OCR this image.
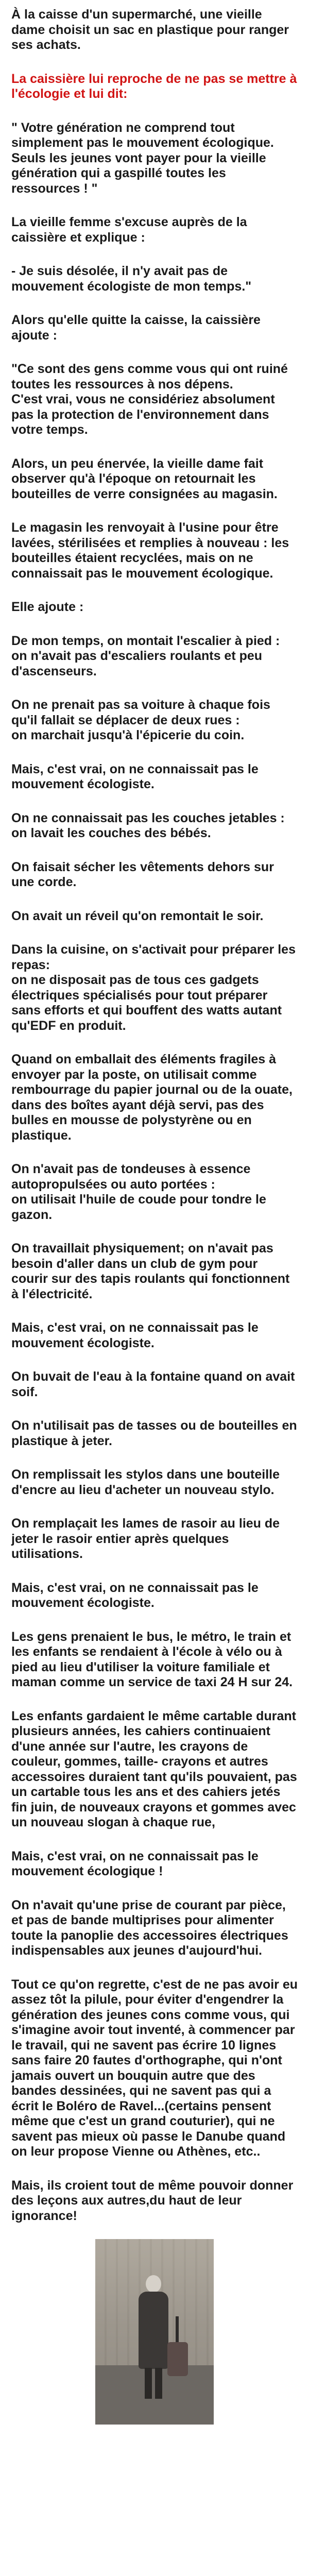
À la caisse d'un supermarché, une vieille dame choisit un sac en plastique pour ranger ses achats.

La caissière lui reproche de ne pas se mettre à l'écologie et lui dit:

" Votre génération ne comprend tout simplement pas le mouvement écologique. Seuls les jeunes vont payer pour la vieille génération qui a gaspillé toutes les ressources ! "

La vieille femme s'excuse auprès de la caissière et explique :

- Je suis désolée, il n'y avait pas de mouvement écologiste de mon temps."

Alors qu'elle quitte la caisse, la caissière ajoute :

"Ce sont des gens comme vous qui ont ruiné toutes les ressources à nos dépens.
C'est vrai, vous ne considériez absolument pas la protection de l'environnement dans votre temps.

Alors, un peu énervée, la vieille dame fait observer qu'à l'époque on retournait les bouteilles de verre consignées au magasin.

Le magasin les renvoyait à l'usine pour être lavées, stérilisées et remplies à nouveau : les bouteilles étaient recyclées, mais on ne connaissait pas le mouvement écologique.

Elle ajoute :

De mon temps, on montait l'escalier à pied : on n'avait pas d'escaliers roulants et peu d'ascenseurs.

On ne prenait pas sa voiture à chaque fois qu'il fallait se déplacer de deux rues :
on marchait jusqu'à l'épicerie du coin.

Mais, c'est vrai, on ne connaissait pas le mouvement écologiste.

On ne connaissait pas les couches jetables :
on lavait les couches des bébés.

On faisait sécher les vêtements dehors sur une corde.

On avait un réveil qu'on remontait le soir.

Dans la cuisine, on s'activait pour préparer les repas:
on ne disposait pas de tous ces gadgets électriques spécialisés pour tout préparer sans efforts et qui bouffent des watts autant qu'EDF en produit.

Quand on emballait des éléments fragiles à envoyer par la poste, on utilisait comme rembourrage du papier journal ou de la ouate, dans des boîtes ayant déjà servi, pas des bulles en mousse de polystyrène ou en plastique.

On n'avait pas de tondeuses à essence autopropulsées ou auto portées :
on utilisait l'huile de coude pour tondre le gazon.

On travaillait physiquement; on n'avait pas besoin d'aller dans un club de gym pour courir sur des tapis roulants qui fonctionnent à l'électricité.

Mais, c'est vrai, on ne connaissait pas le mouvement écologiste.

On buvait de l'eau à la fontaine quand on avait soif.

On n'utilisait pas de tasses ou de bouteilles en plastique à jeter.

On remplissait les stylos dans une bouteille d'encre au lieu d'acheter un nouveau stylo.

On remplaçait les lames de rasoir au lieu de jeter le rasoir entier après quelques utilisations.

Mais, c'est vrai, on ne connaissait pas le mouvement écologiste.

Les gens prenaient le bus, le métro, le train et les enfants se rendaient à l'école à vélo ou à pied au lieu d'utiliser la voiture familiale et maman comme un service de taxi 24 H sur 24.

Les enfants gardaient le même cartable durant plusieurs années, les cahiers continuaient d'une année sur l'autre, les crayons de couleur, gommes, taille- crayons et autres accessoires duraient tant qu'ils pouvaient, pas un cartable tous les ans et des cahiers jetés fin juin, de nouveaux crayons et gommes avec un nouveau slogan à chaque rue,

Mais, c'est vrai, on ne connaissait pas le mouvement écologique !

On n'avait qu'une prise de courant par pièce, et pas de bande multiprises pour alimenter toute la panoplie des accessoires électriques indispensables aux jeunes d'aujourd'hui.

Tout ce qu'on regrette, c'est de ne pas avoir eu assez tôt la pilule, pour éviter d'engendrer la génération des jeunes cons comme vous, qui s'imagine avoir tout inventé, à commencer par le travail, qui ne savent pas écrire 10 lignes sans faire 20 fautes d'orthographe, qui n'ont jamais ouvert un bouquin autre que des bandes dessinées, qui ne savent pas qui a écrit le Boléro de Ravel...(certains pensent même que c'est un grand couturier), qui ne savent pas mieux où passe le Danube quand on leur propose Vienne ou Athènes, etc..

Mais, ils croient tout de même pouvoir donner des leçons aux autres,du haut de leur ignorance!
